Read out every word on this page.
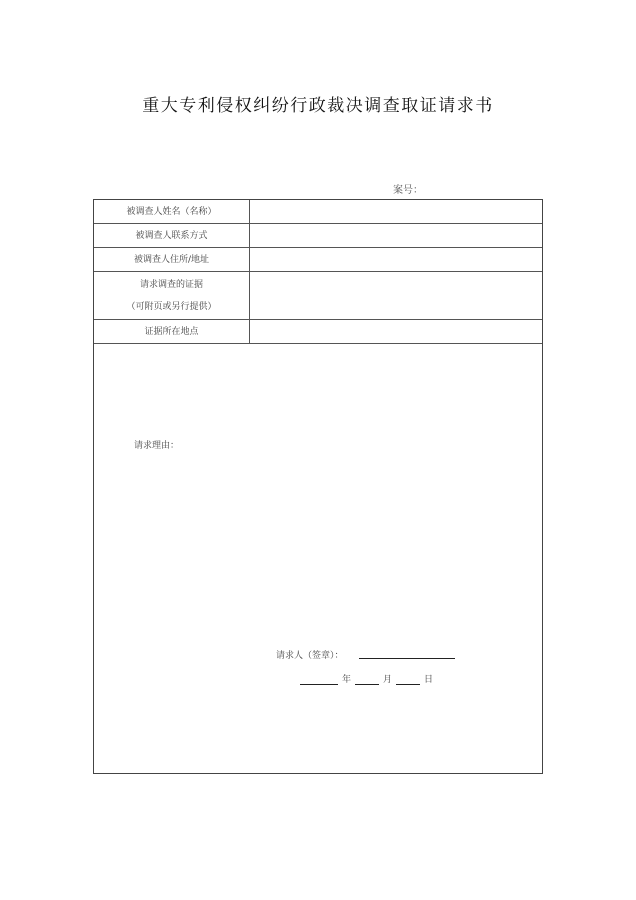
重大专利侵权纠纷行政裁决调查取证请求书
案号：
被调查人姓名（名称）
被调查人联系方式
被调查人住所/地址
请求调查的证据
（可附页或另行提供）
证据所在地点
请求理由：
请求人（签章）：
年	月	日
